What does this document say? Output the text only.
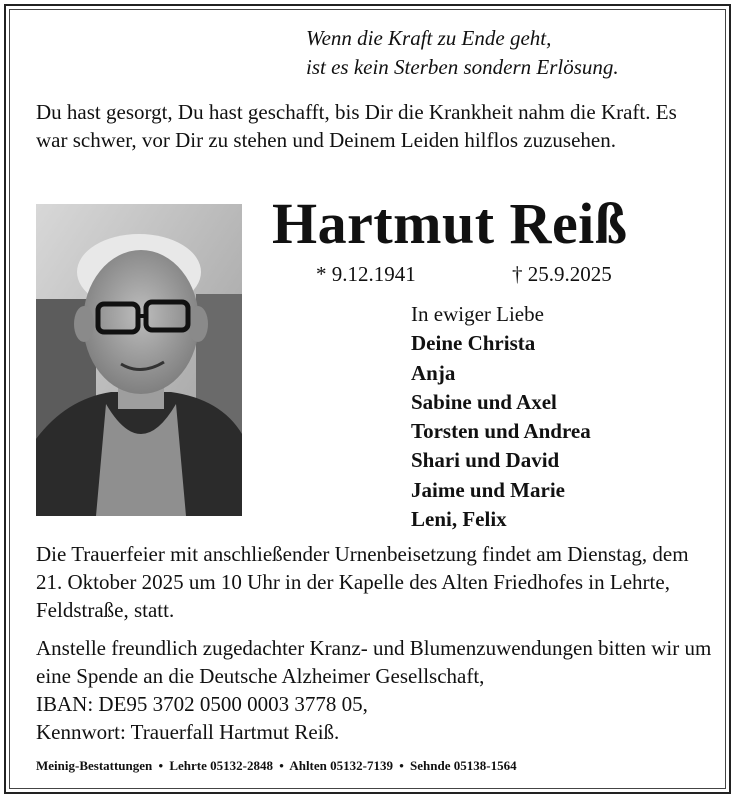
Wenn die Kraft zu Ende geht,

ist es kein Sterben sondern Erlösung.

Du hast gesorgt, Du hast geschafft, bis Dir die Krankheit nahm die Kraft. Es war schwer, vor Dir zu stehen und Deinem Leiden hilflos zuzusehen.

Hartmut Reiß
* 9.12.1941	† 25.9.2025

In ewiger Liebe

Deine Christa

Anja

Sabine und Axel

Torsten und Andrea

Shari und David

Jaime und Marie

Leni, Felix

Die Trauerfeier mit anschließender Urnenbeisetzung findet am Dienstag, dem 21. Oktober 2025 um 10 Uhr in der Kapelle des Alten Friedhofes in Lehrte, Feldstraße, statt.

Anstelle freundlich zugedachter Kranz- und Blumenzuwendungen bitten wir um eine Spende an die Deutsche Alzheimer Gesellschaft,

IBAN: DE95 3702 0500 0003 3778 05,

Kennwort: Trauerfall Hartmut Reiß.

Meinig-Bestattungen • Lehrte 05132-2848 • Ahlten 05132-7139 • Sehnde 05138-1564
